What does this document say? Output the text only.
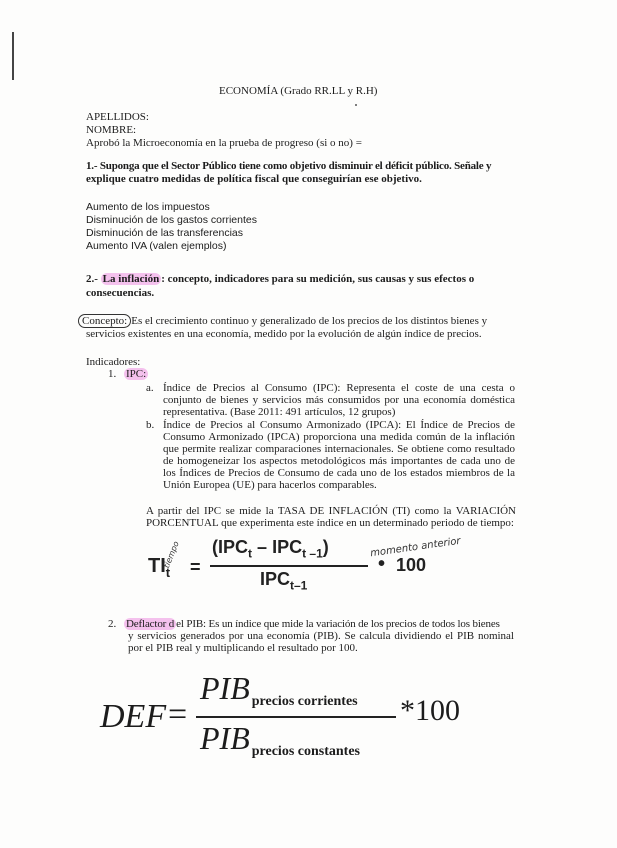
ECONOMÍA (Grado RR.LL y R.H)
APELLIDOS:
NOMBRE:
Aprobó la Microeconomía en la prueba de progreso (si o no) =
1.- Suponga que el Sector Público tiene como objetivo disminuir el déficit público. Señale y
explique cuatro medidas de política fiscal que conseguirían ese objetivo.
Aumento de los impuestos
Disminución de los gastos corrientes
Disminución de las transferencias
Aumento IVA (valen ejemplos)
2.- La inflación : concepto, indicadores para su medición, sus causas y sus efectos o
consecuencias.
Concepto: Es el crecimiento continuo y generalizado de los precios de los distintos bienes y
servicios existentes en una economía, medido por la evolución de algún índice de precios.
Indicadores:
1. IPC:
a. Índice de Precios al Consumo (IPC): Representa el coste de una cesta o
conjunto de bienes y servicios más consumidos por una economía doméstica
representativa. (Base 2011: 491 artículos, 12 grupos)
b. Índice de Precios al Consumo Armonizado (IPCA): El Índice de Precios de
Consumo Armonizado (IPCA) proporciona una medida común de la inflación
que permite realizar comparaciones internacionales. Se obtiene como resultado
de homogeneizar los aspectos metodológicos más importantes de cada uno de
los Índices de Precios de Consumo de cada uno de los estados miembros de la
Unión Europea (UE) para hacerlos comparables.
A partir del IPC se mide la TASA DE INFLACIÓN (TI) como la VARIACIÓN
PORCENTUAL que experimenta este índice en un determinado periodo de tiempo:
$TI_t$ =
$(IPC_t - IPC_{t -1})$
$IPC_{t-1}$
• 100
tiempo	momento anterior
2. Deflactor d el PIB: Es un índice que mide la variación de los precios de todos los bienes
y servicios generados por una economía (PIB). Se calcula dividiendo el PIB nominal
por el PIB real y multiplicando el resultado por 100.
DEF =
PIB precios corrientes
PIB precios constantes
*100
